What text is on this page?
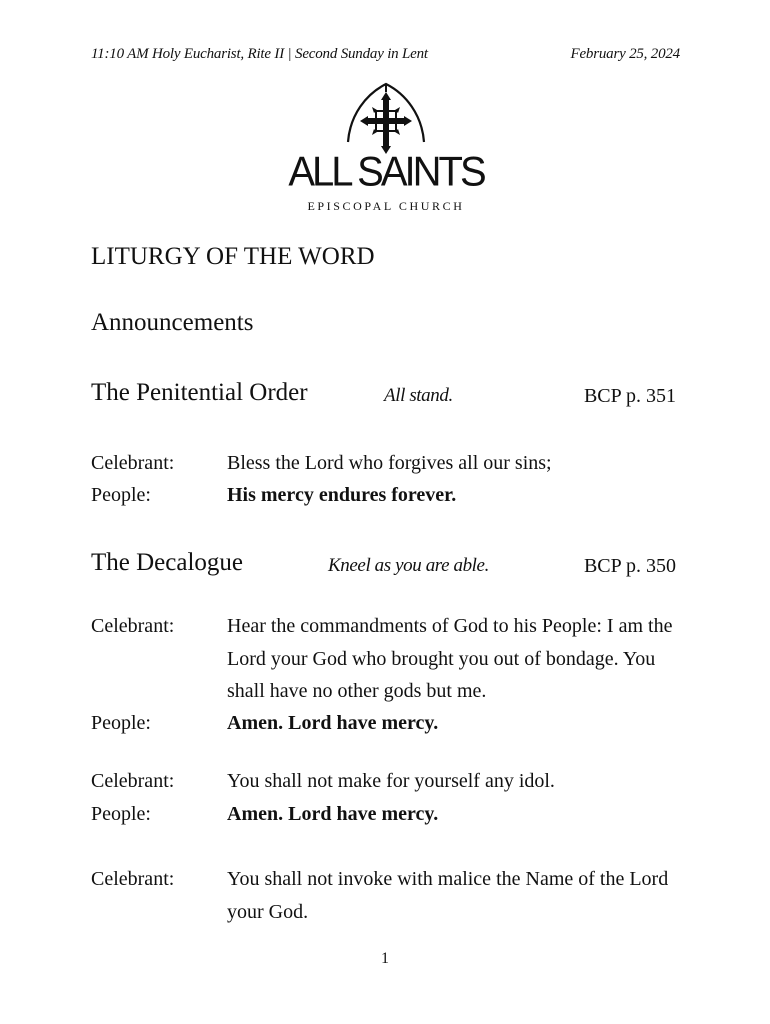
11:10 AM Holy Eucharist, Rite II | Second Sunday in Lent	February 25, 2024
ALL SAINTS
EPISCOPAL CHURCH
LITURGY OF THE WORD
Announcements
The Penitential Order	All stand.	BCP p. 351
Celebrant:	Bless the Lord who forgives all our sins;
People:	His mercy endures forever.
The Decalogue	Kneel as you are able.	BCP p. 350
Celebrant:	Hear the commandments of God to his People: I am the Lord your God who brought you out of bondage. You shall have no other gods but me.
People:	Amen. Lord have mercy.
Celebrant:	You shall not make for yourself any idol.
People:	Amen. Lord have mercy.
Celebrant:	You shall not invoke with malice the Name of the Lord your God.
1
